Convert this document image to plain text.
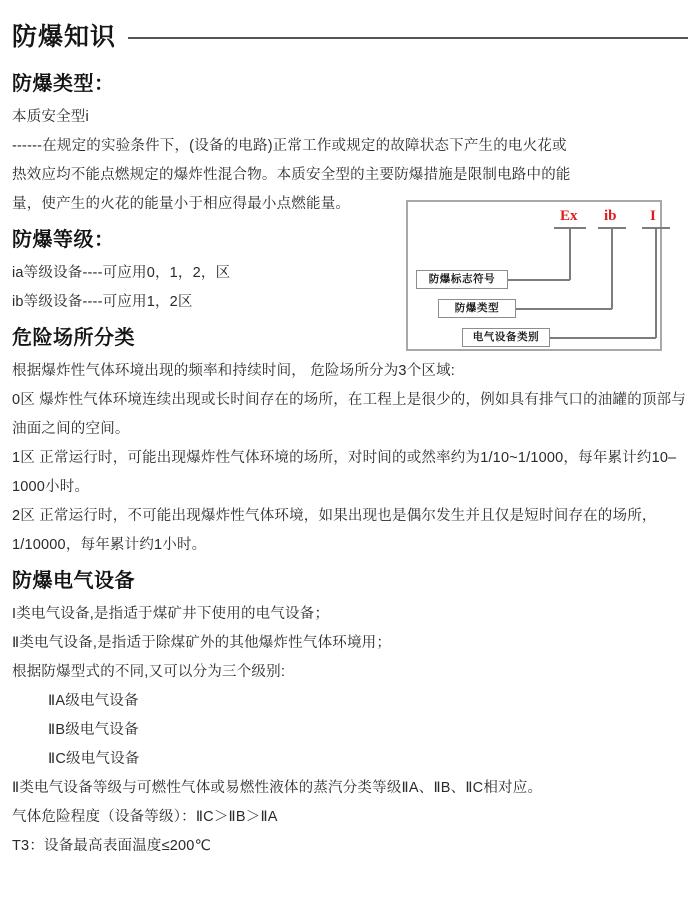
防爆知识
防爆类型：
本质安全型i
------在规定的实验条件下，(设备的电路)正常工作或规定的故障状态下产生的电火花或
热效应均不能点燃规定的爆炸性混合物。本质安全型的主要防爆措施是限制电路中的能
量，使产生的火花的能量小于相应得最小点燃能量。
防爆等级：
ia等级设备----可应用0，1，2，区
ib等级设备----可应用1，2区
危险场所分类
根据爆炸性气体环境出现的频率和持续时间， 危险场所分为3个区域:
0区 爆炸性气体环境连续出现或长时间存在的场所，在工程上是很少的，例如具有排气口的油罐的顶部与油面之间的空间。
1区 正常运行时，可能出现爆炸性气体环境的场所，对时间的或然率约为1/10~1/1000，每年累计约10–1000小时。
2区 正常运行时，不可能出现爆炸性气体环境，如果出现也是偶尔发生并且仅是短时间存在的场所，1/10000，每年累计约1小时。
防爆电气设备
I类电气设备,是指适于煤矿井下使用的电气设备；
Ⅱ类电气设备,是指适于除煤矿外的其他爆炸性气体环境用；
根据防爆型式的不同,又可以分为三个级别:
ⅡA级电气设备
ⅡB级电气设备
ⅡC级电气设备
Ⅱ类电气设备等级与可燃性气体或易燃性液体的蒸汽分类等级ⅡA、ⅡB、ⅡC相对应。
气体危险程度（设备等级）：ⅡC＞ⅡB＞ⅡA
T3：设备最高表面温度≤200℃
Ex ib I
防爆标志符号
防爆类型
电气设备类别
